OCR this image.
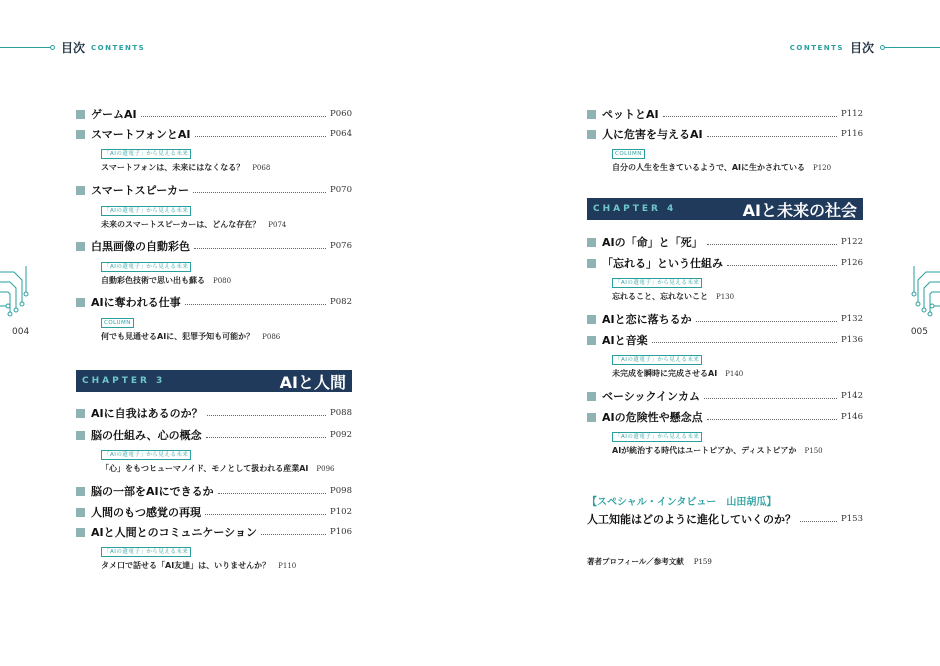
目次 CONTENTS	CONTENTS 目次
004	005
ゲームAI	P060
スマートフォンとAI	P064
「AIの遺電子」から見える未来
スマートフォンは、未来にはなくなる？ P068
スマートスピーカー	P070
「AIの遺電子」から見える未来
未来のスマートスピーカーは、どんな存在？ P074
白黒画像の自動彩色	P076
「AIの遺電子」から見える未来
自動彩色技術で思い出も蘇る P080
AIに奪われる仕事	P082
COLUMN
何でも見通せるAIに、犯罪予知も可能か？ P086
CHAPTER 3	AIと人間
AIに自我はあるのか？	P088
脳の仕組み、心の概念	P092
「AIの遺電子」から見える未来
「心」をもつヒューマノイド、モノとして扱われる産業AI P096
脳の一部をAIにできるか	P098
人間のもつ感覚の再現	P102
AIと人間とのコミュニケーション	P106
「AIの遺電子」から見える未来
タメ口で話せる「AI友達」は、いりませんか？ P110
ペットとAI	P112
人に危害を与えるAI	P116
COLUMN
自分の人生を生きているようで、AIに生かされている P120
CHAPTER 4	AIと未来の社会
AIの「命」と「死」	P122
「忘れる」という仕組み	P126
「AIの遺電子」から見える未来
忘れること、忘れないこと P130
AIと恋に落ちるか	P132
AIと音楽	P136
「AIの遺電子」から見える未来
未完成を瞬時に完成させるAI P140
ベーシックインカム	P142
AIの危険性や懸念点	P146
「AIの遺電子」から見える未来
AIが統治する時代はユートピアか、ディストピアか P150
【スペシャル・インタビュー　山田胡瓜】
人工知能はどのように進化していくのか？	P153
著者プロフィール／参考文献 P159
